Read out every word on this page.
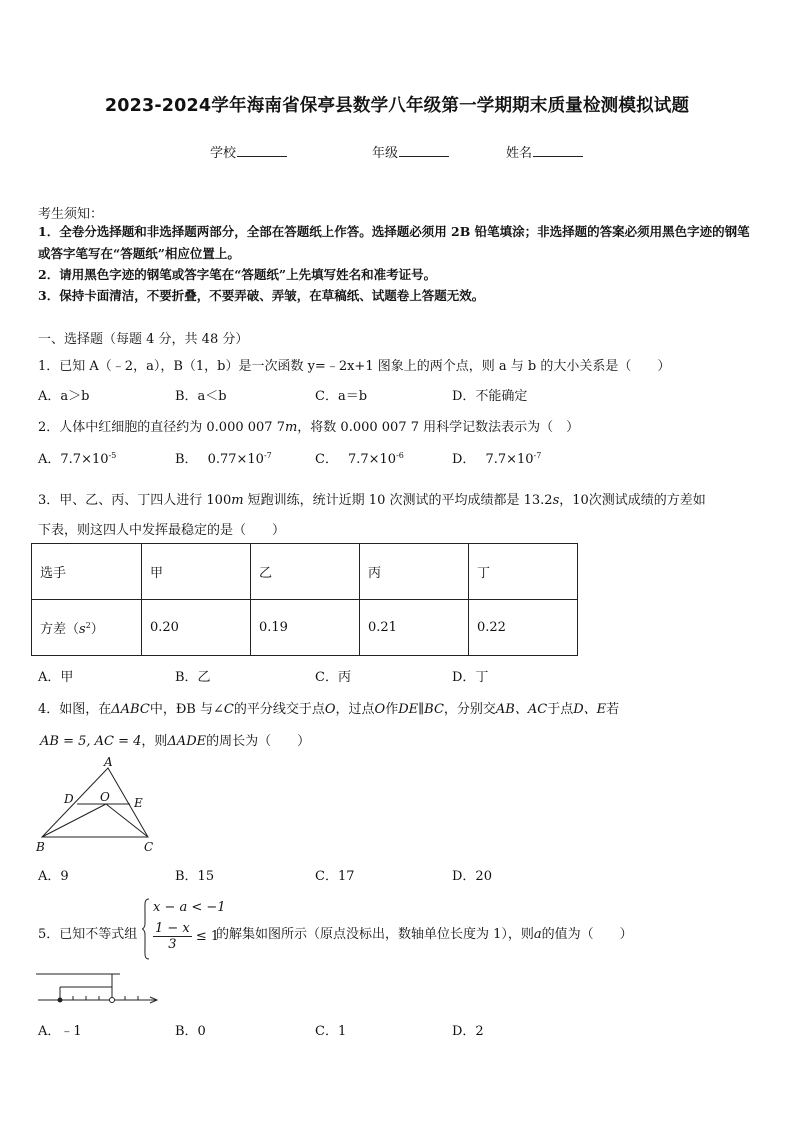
2023-2024学年海南省保亭县数学八年级第一学期期末质量检测模拟试题
学校	年级	姓名
考生须知：
1．全卷分选择题和非选择题两部分，全部在答题纸上作答。选择题必须用 2B 铅笔填涂；非选择题的答案必须用黑色字迹的钢笔或答字笔写在“答题纸”相应位置上。
2．请用黑色字迹的钢笔或答字笔在“答题纸”上先填写姓名和准考证号。
3．保持卡面清洁，不要折叠，不要弄破、弄皱，在草稿纸、试题卷上答题无效。
一、选择题（每题 4 分，共 48 分）
1．已知 A（﹣2，a），B（1，b）是一次函数 y=﹣2x+1 图象上的两个点，则 a 与 b 的大小关系是（　　）
A．a＞b	B．a＜b	C．a＝b	D．不能确定
2．人体中红细胞的直径约为 0.000 007 7m，将数 0.000 007 7 用科学记数法表示为（　）
A．$7.7\times 10^{-5}$	B． $0.77\times 10^{-7}$	C． $7.7\times 10^{-6}$	D． $7.7\times 10^{-7}$
3．甲、乙、丙、丁四人进行 100m 短跑训练，统计近期 10 次测试的平均成绩都是 13.2s，10次测试成绩的方差如
下表，则这四人中发挥最稳定的是（　　）
选手	甲	乙	丙	丁
方差$(s^2)$	0.20	0.19	0.21	0.22
A．甲	B．乙	C．丙	D．丁
4．如图，在ΔABC中，ÐB 与∠C的平分线交于点O，过点O作DE∥BC，分别交AB、AC于点D、E若
AB = 5, AC = 4，则ΔADE的周长为（　　）
A
D O E
B	C
A．9	B．15	C．17	D．20
5．已知不等式组
x − a < −1
$\frac{1 - x}{3} \le 1$
的解集如图所示（原点没标出，数轴单位长度为 1），则a的值为（　　）
A．﹣1	B．0	C．1	D．2
